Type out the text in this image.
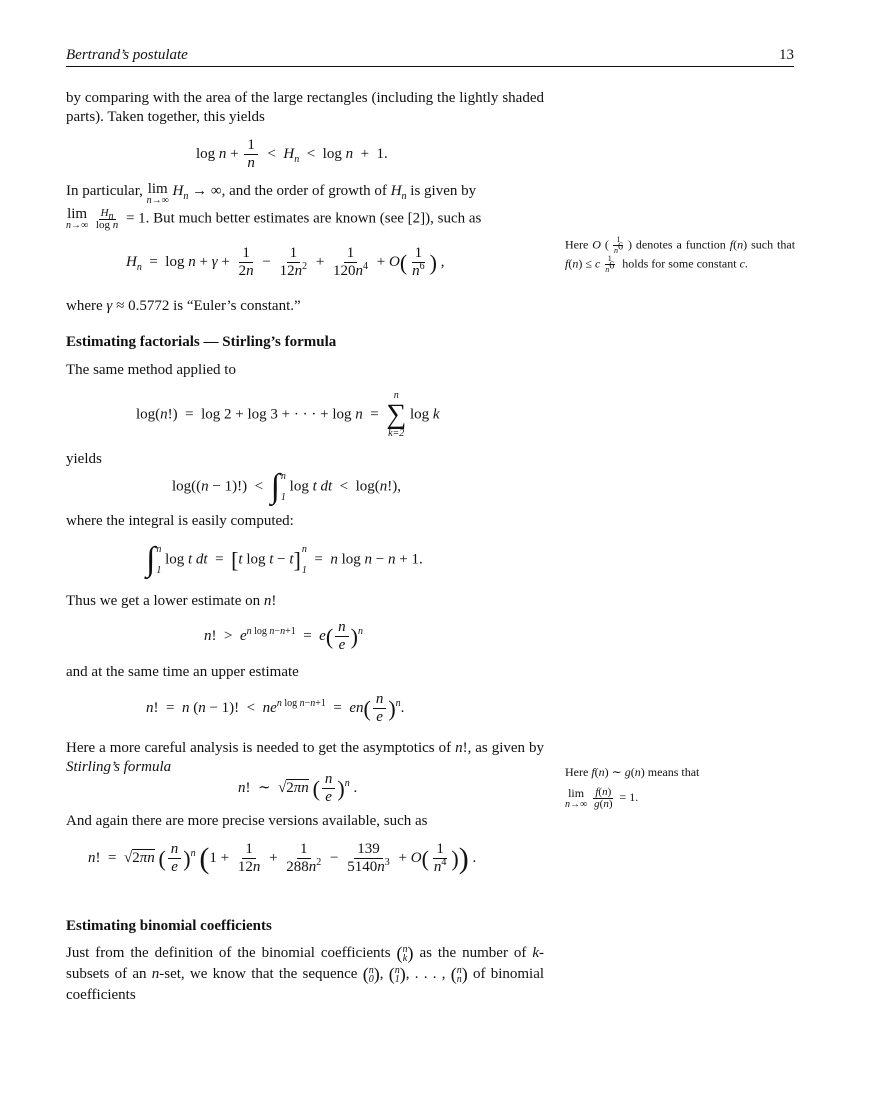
Bertrand’s postulate	13
by comparing with the area of the large rectangles (including the lightly shaded parts). Taken together, this yields
$\log n + \frac{1}{n} < H_n < \log n + 1$.
In particular, lim
n→∞
$H_n$ → ∞, and the order of growth of $H_n$ is given by
lim
n→∞
$\frac{H_n}{\text{log n}} = 1$. But much better estimates are known (see [2]), such as
$H_n = \log n + \gamma + \frac{1}{2n} - \frac{1}{12n^2} + \frac{1}{120n^4} + O( \frac{1}{n^6}$ ) ,
Here O ( $\frac{1}{n^6}$ ) denotes a function f(n) such that f(n) ≤ c $\frac{1}{n^6}$ holds for some constant c.
where γ ≈ 0.5772 is “Euler’s constant.”
Estimating factorials — Stirling’s formula
The same method applied to
log(n!)  =  log 2 + log 3 + · · · + log n  =
n
∑
k=2
log k
yields
log((n − 1)!)  < ∫ n
1
log t dt  <  log(n!),
where the integral is easily computed:
∫ n
1
log t dt  =  [t log t − t] n
1
=  n log n − n + 1.
Thus we get a lower estimate on n!
n!  >  $e^{n log n-n+1} = e( \frac{n}{e} )^n$
and at the same time an upper estimate
n!  =  n (n − 1)!  <  $ne^{n log n-n+1} = en( \frac{n}{e} )^n$.
Here a more careful analysis is needed to get the asymptotics of n!, as given by Stirling’s formula
n!  ∼  √2πn ( $\frac{n}{e} )^n$ .
Here f(n) ∼ g(n) means that

lim
n→∞
$\frac{f(n)}{g(n)} = 1$.
And again there are more precise versions available, such as
n!  =  √2πn ( $\frac{n}{e} )^n$ ($1 + \frac{1}{12n} + \frac{1}{288n^2} - \frac{139}{5140n^3} + O( \frac{1}{n^4}$ )) .
Estimating binomial coefficients
Just from the definition of the binomial coefficients ( n
k ) as the number of k-subsets of an n-set, we know that the sequence ( n
0 ) , ( n
1 ) , . . . , ( n
n ) of binomial coefficients
